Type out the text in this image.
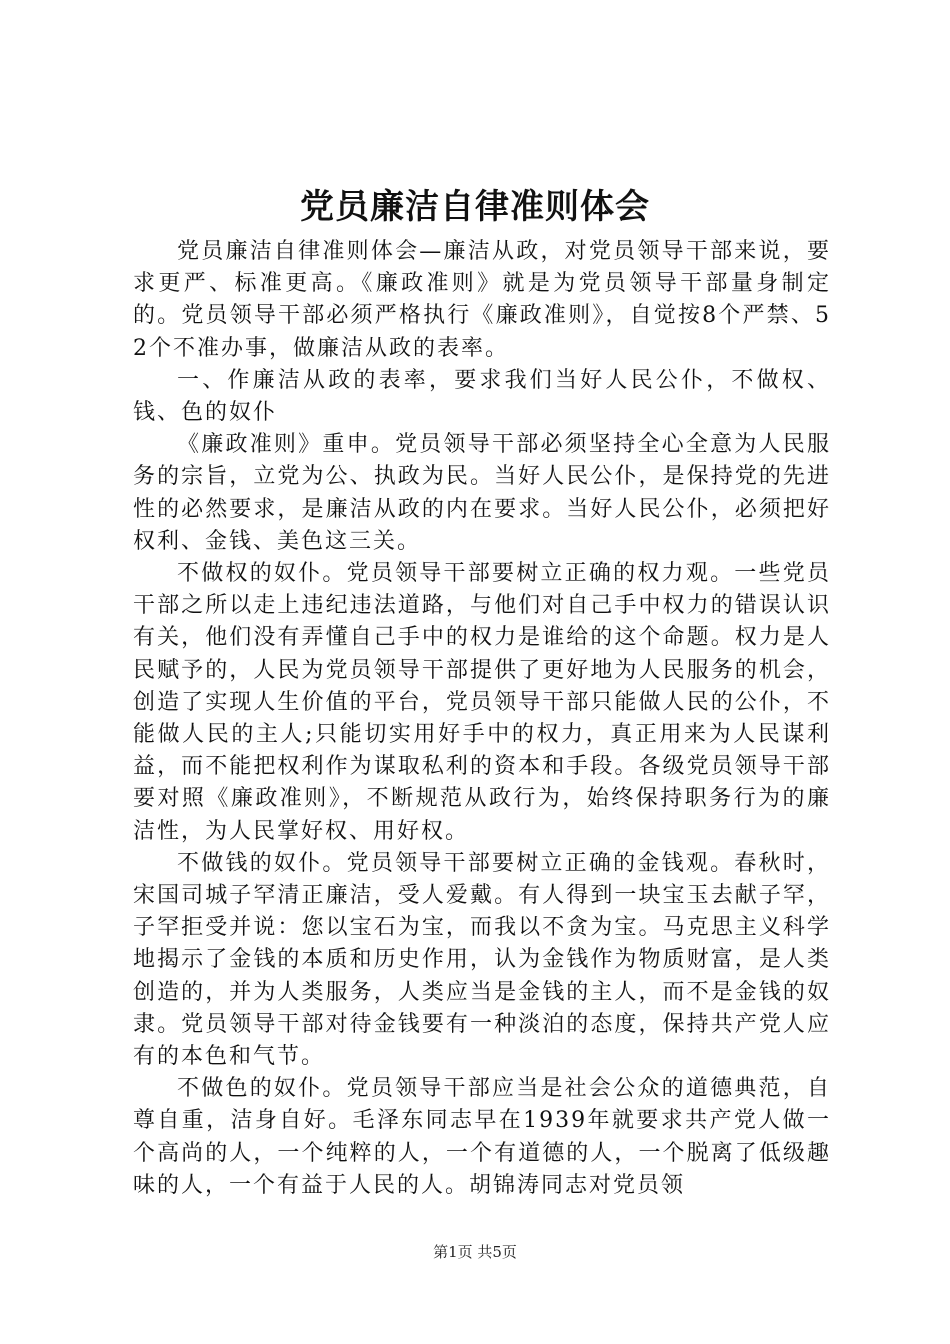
党员廉洁自律准则体会

党员廉洁自律准则体会—廉洁从政，对党员领导干部来说，要求更严、标准更高。《廉政准则》就是为党员领导干部量身制定的。党员领导干部必须严格执行《廉政准则》，自觉按8个严禁、52个不准办事，做廉洁从政的表率。

一、作廉洁从政的表率，要求我们当好人民公仆，不做权、钱、色的奴仆

《廉政准则》重申。党员领导干部必须坚持全心全意为人民服务的宗旨，立党为公、执政为民。当好人民公仆，是保持党的先进性的必然要求，是廉洁从政的内在要求。当好人民公仆，必须把好权利、金钱、美色这三关。

不做权的奴仆。党员领导干部要树立正确的权力观。一些党员干部之所以走上违纪违法道路，与他们对自己手中权力的错误认识有关，他们没有弄懂自己手中的权力是谁给的这个命题。权力是人民赋予的，人民为党员领导干部提供了更好地为人民服务的机会，创造了实现人生价值的平台，党员领导干部只能做人民的公仆，不能做人民的主人;只能切实用好手中的权力，真正用来为人民谋利益，而不能把权利作为谋取私利的资本和手段。各级党员领导干部要对照《廉政准则》，不断规范从政行为，始终保持职务行为的廉洁性，为人民掌好权、用好权。

不做钱的奴仆。党员领导干部要树立正确的金钱观。春秋时，宋国司城子罕清正廉洁，受人爱戴。有人得到一块宝玉去献子罕，子罕拒受并说：您以宝石为宝，而我以不贪为宝。马克思主义科学地揭示了金钱的本质和历史作用，认为金钱作为物质财富，是人类创造的，并为人类服务，人类应当是金钱的主人，而不是金钱的奴隶。党员领导干部对待金钱要有一种淡泊的态度，保持共产党人应有的本色和气节。

不做色的奴仆。党员领导干部应当是社会公众的道德典范，自尊自重，洁身自好。毛泽东同志早在1939年就要求共产党人做一个高尚的人，一个纯粹的人，一个有道德的人，一个脱离了低级趣味的人，一个有益于人民的人。胡锦涛同志对党员领

第1页 共5页
